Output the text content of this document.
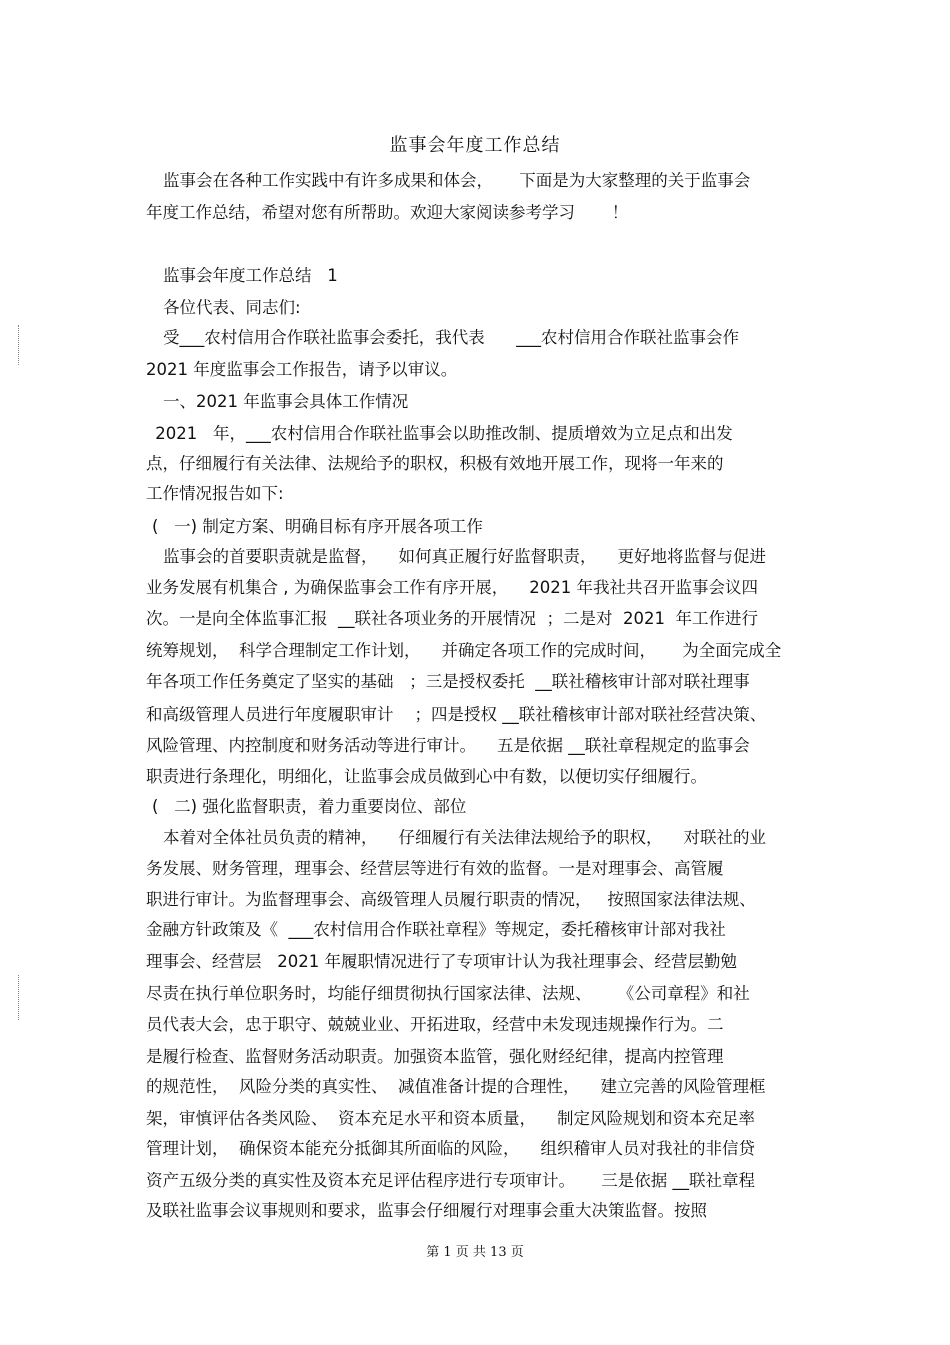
监事会年度工作总结
监事会在各种工作实践中有许多成果和体会，     下面是为大家整理的关于监事会
年度工作总结，希望对您有所帮助。欢迎大家阅读参考学习       ！
监事会年度工作总结   1
各位代表、同志们:
受___农村信用合作联社监事会委托，我代表      ___农村信用合作联社监事会作
2021 年度监事会工作报告，请予以审议。
一、2021 年监事会具体工作情况
2021   年，___农村信用合作联社监事会以助推改制、提质增效为立足点和出发
点，仔细履行有关法律、法规给予的职权，积极有效地开展工作，现将一年来的
工作情况报告如下:
(   一) 制定方案、明确目标有序开展各项工作
监事会的首要职责就是监督，    如何真正履行好监督职责，    更好地将监督与促进
业务发展有机集合 , 为确保监事会工作有序开展，    2021 年我社共召开监事会议四
次。一是向全体监事汇报  __联社各项业务的开展情况  ；二是对  2021  年工作进行
统筹规划，  科学合理制定工作计划，    并确定各项工作的完成时间，     为全面完成全
年各项工作任务奠定了坚实的基础   ；三是授权委托  __联社稽核审计部对联社理事
和高级管理人员进行年度履职审计    ；四是授权 __联社稽核审计部对联社经营决策、
风险管理、内控制度和财务活动等进行审计。    五是依据 __联社章程规定的监事会
职责进行条理化，明细化，让监事会成员做到心中有数，以便切实仔细履行。
(   二) 强化监督职责，着力重要岗位、部位
本着对全体社员负责的精神，    仔细履行有关法律法规给予的职权，    对联社的业
务发展、财务管理，理事会、经营层等进行有效的监督。一是对理事会、高管履
职进行审计。为监督理事会、高级管理人员履行职责的情况，   按照国家法律法规、
金融方针政策及《  ___农村信用合作联社章程》等规定，委托稽核审计部对我社
理事会、经营层   2021 年履职情况进行了专项审计认为我社理事会、经营层勤勉
尽责在执行单位职务时，均能仔细贯彻执行国家法律、法规、     《公司章程》和社
员代表大会，忠于职守、兢兢业业、开拓进取，经营中未发现违规操作行为。二
是履行检查、监督财务活动职责。加强资本监管，强化财经纪律，提高内控管理
的规范性，  风险分类的真实性、  减值准备计提的合理性，    建立完善的风险管理框
架，审慎评估各类风险、  资本充足水平和资本质量，    制定风险规划和资本充足率
管理计划，  确保资本能充分抵御其所面临的风险，    组织稽审人员对我社的非信贷
资产五级分类的真实性及资本充足评估程序进行专项审计。     三是依据 __联社章程
及联社监事会议事规则和要求，监事会仔细履行对理事会重大决策监督。按照
第 1 页 共 13 页
